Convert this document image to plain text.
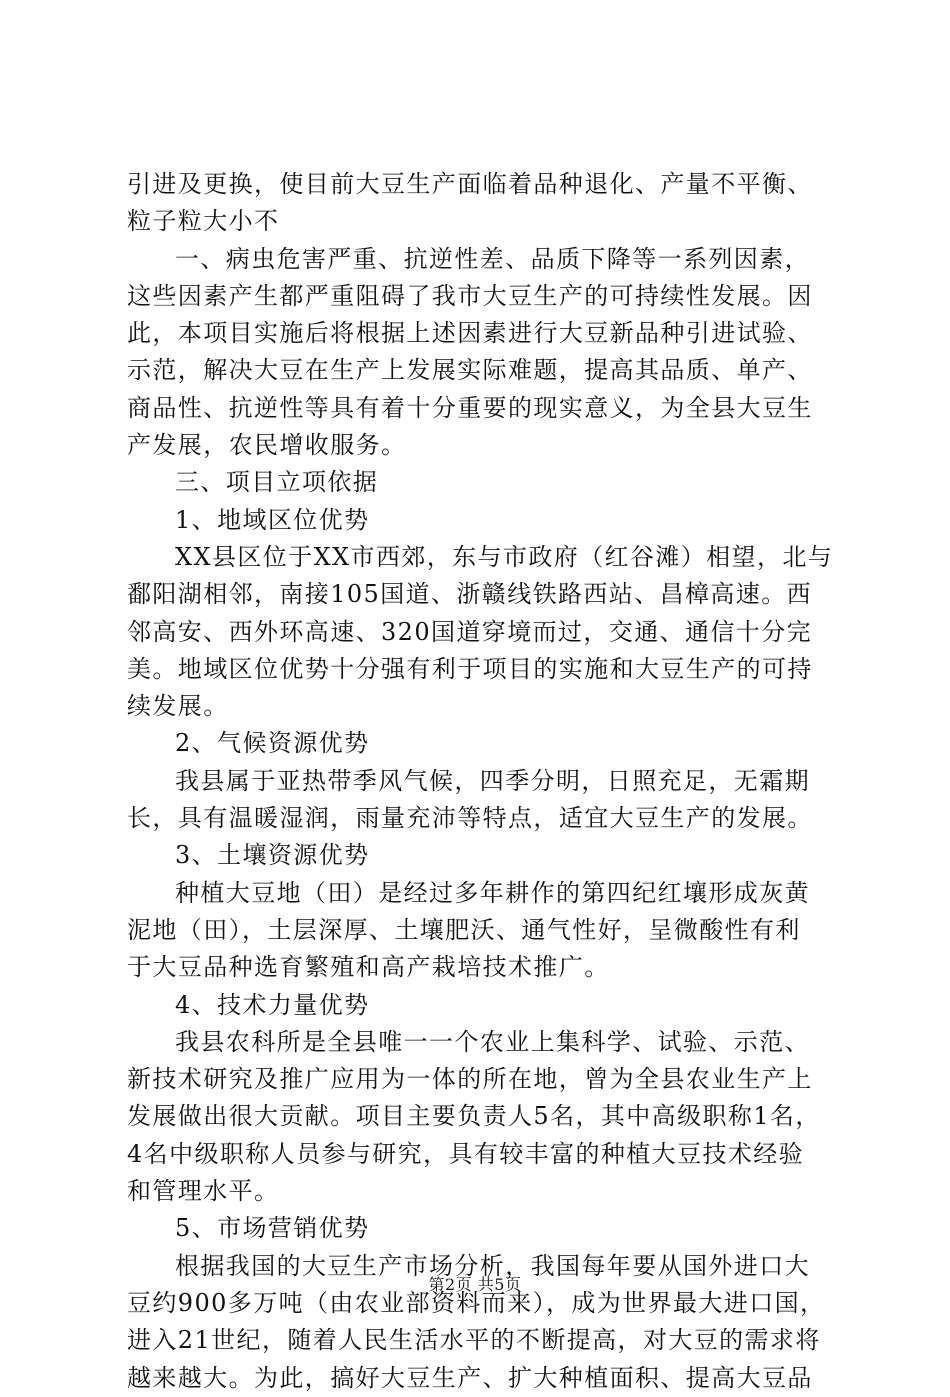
引进及更换，使目前大豆生产面临着品种退化、产量不平衡、
粒子粒大小不
一、病虫危害严重、抗逆性差、品质下降等一系列因素，
这些因素产生都严重阻碍了我市大豆生产的可持续性发展。因
此，本项目实施后将根据上述因素进行大豆新品种引进试验、
示范，解决大豆在生产上发展实际难题，提高其品质、单产、
商品性、抗逆性等具有着十分重要的现实意义，为全县大豆生
产发展，农民增收服务。
三、项目立项依据
1、地域区位优势
XX县区位于XX市西郊，东与市政府（红谷滩）相望，北与
鄱阳湖相邻，南接105国道、浙赣线铁路西站、昌樟高速。西
邻高安、西外环高速、320国道穿境而过，交通、通信十分完
美。地域区位优势十分强有利于项目的实施和大豆生产的可持
续发展。
2、气候资源优势
我县属于亚热带季风气候，四季分明，日照充足，无霜期
长，具有温暖湿润，雨量充沛等特点，适宜大豆生产的发展。
3、土壤资源优势
种植大豆地（田）是经过多年耕作的第四纪红壤形成灰黄
泥地（田），土层深厚、土壤肥沃、通气性好，呈微酸性有利
于大豆品种选育繁殖和高产栽培技术推广。
4、技术力量优势
我县农科所是全县唯一一个农业上集科学、试验、示范、
新技术研究及推广应用为一体的所在地，曾为全县农业生产上
发展做出很大贡献。项目主要负责人5名，其中高级职称1名，
4名中级职称人员参与研究，具有较丰富的种植大豆技术经验
和管理水平。
5、市场营销优势
根据我国的大豆生产市场分析，我国每年要从国外进口大
豆约900多万吨（由农业部资料而来），成为世界最大进口国，
进入21世纪，随着人民生活水平的不断提高，对大豆的需求将
越来越大。为此，搞好大豆生产、扩大种植面积、提高大豆品
第2页 共5页
